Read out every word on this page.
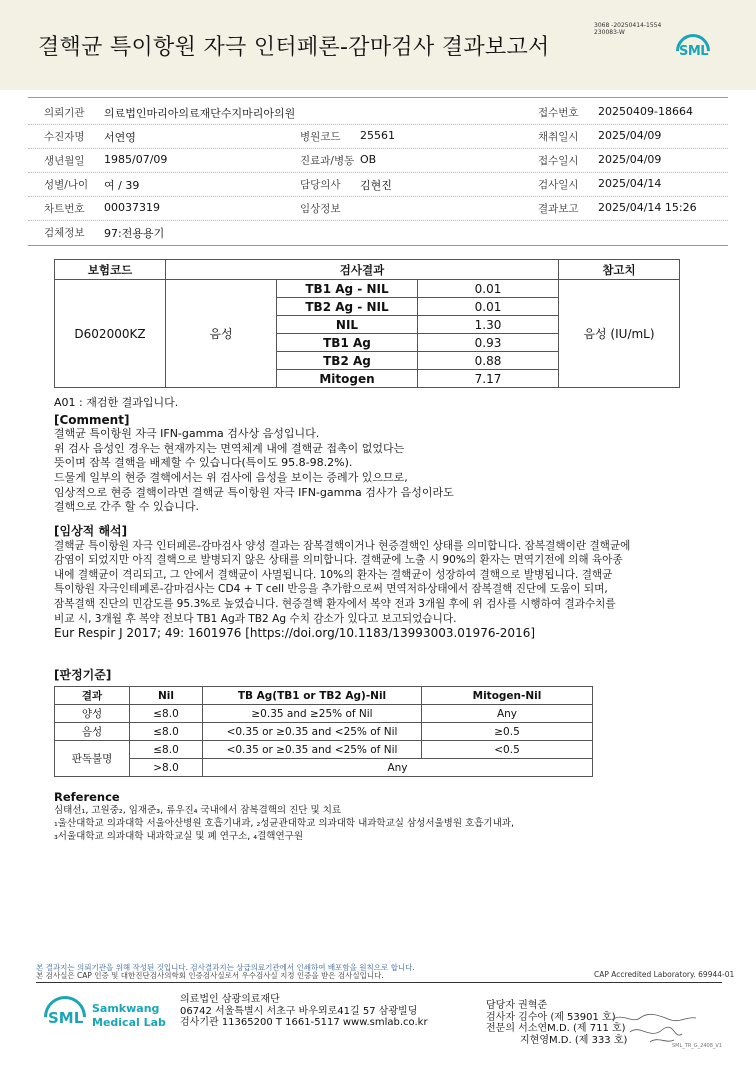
결핵균 특이항원 자극 인터페론-감마검사 결과보고서
3068 -20250414-1554
230083-W
SML
의뢰기관 의료법인마리아의료재단수지마리아의원	접수번호 20250409-18664
수진자명 서연영	병원코드 25561	채취일시 2025/04/09
생년월일 1985/07/09	진료과/병동 OB	접수일시 2025/04/09
성별/나이 여 / 39	담당의사 김현진	검사일시 2025/04/14
차트번호 00037319	임상정보	결과보고 2025/04/14 15:26
검체정보 97:전용용기
보험코드	검사결과			참고치
D602000KZ	음성	TB1 Ag - NIL	0.01	음성 (IU/mL)
		TB2 Ag - NIL	0.01	
		NIL	1.30	
		TB1 Ag	0.93	
		TB2 Ag	0.88	
		Mitogen	7.17	
A01 : 재검한 결과입니다.
[Comment]
결핵균 특이항원 자극 IFN-gamma 검사상 음성입니다.
위 검사 음성인 경우는 현재까지는 면역체계 내에 결핵균 접촉이 없었다는
뜻이며 잠복 결핵을 배제할 수 있습니다(특이도 95.8-98.2%).
드물게 일부의 현증 결핵에서는 위 검사에 음성을 보이는 증례가 있으므로,
임상적으로 현증 결핵이라면 결핵균 특이항원 자극 IFN-gamma 검사가 음성이라도
결핵으로 간주 할 수 있습니다.
[임상적 해석]
결핵균 특이항원 자극 인터페론-감마검사 양성 결과는 잠복결핵이거나 현증결핵인 상태를 의미합니다. 잠복결핵이란 결핵균에
감염이 되었지만 아직 결핵으로 발병되지 않은 상태를 의미합니다. 결핵균에 노출 시 90%의 환자는 면역기전에 의해 육아종
내에 결핵균이 격리되고, 그 안에서 결핵균이 사멸됩니다. 10%의 환자는 결핵균이 성장하여 결핵으로 발병됩니다. 결핵균
특이항원 자극인테페론-감마검사는 CD4 + T cell 반응을 추가함으로써 면역저하상태에서 잠복결핵 진단에 도움이 되며,
잠복결핵 진단의 민감도를 95.3%로 높였습니다. 현증결핵 환자에서 복약 전과 3개월 후에 위 검사를 시행하여 결과수치를
비교 시, 3개월 후 복약 전보다 TB1 Ag과 TB2 Ag 수치 감소가 있다고 보고되었습니다.
Eur Respir J 2017; 49: 1601976 [https://doi.org/10.1183/13993003.01976-2016]
[판정기준]
결과	Nil	TB Ag(TB1 or TB2 Ag)-Nil	Mitogen-Nil
양성	≤8.0	≥0.35 and ≥25% of Nil	Any
음성	≤8.0	<0.35 or ≥0.35 and <25% of Nil	≥0.5
판독불명	≤8.0	<0.35 or ≥0.35 and <25% of Nil	<0.5
	>8.0	Any	
Reference
심태선₁, 고원중₂, 임재준₃, 류우진₄ 국내에서 잠복결핵의 진단 및 치료
₁울산대학교 의과대학 서울아산병원 호흡기내과, ₂성균관대학교 의과대학 내과학교실 삼성서울병원 호흡기내과,
₃서울대학교 의과대학 내과학교실 및 폐 연구소, ₄결핵연구원
본 결과지는 의뢰기관을 위해 작성된 것입니다. 검사결과지는 상급의료기관에서 인쇄하여 배포함을 원칙으로 합니다.
본 검사실은 CAP 인증 및 대한진단검사의학회 인증검사실로서 우수검사실 지정 인증을 받은 검사실입니다.	CAP Accredited Laboratory. 69944-01
SML
Samkwang
Medical Lab
의료법인 삼광의료재단
06742 서울특별시 서초구 바우뫼로41길 57 삼광빌딩
검사기관 11365200 T 1661-5117 www.smlab.co.kr
담당자 권혁준
검사자 김수아 (제 53901 호)
전문의 서소연M.D. (제 711 호)
지현영M.D. (제 333 호)
SML_TR_G_2408_V1
